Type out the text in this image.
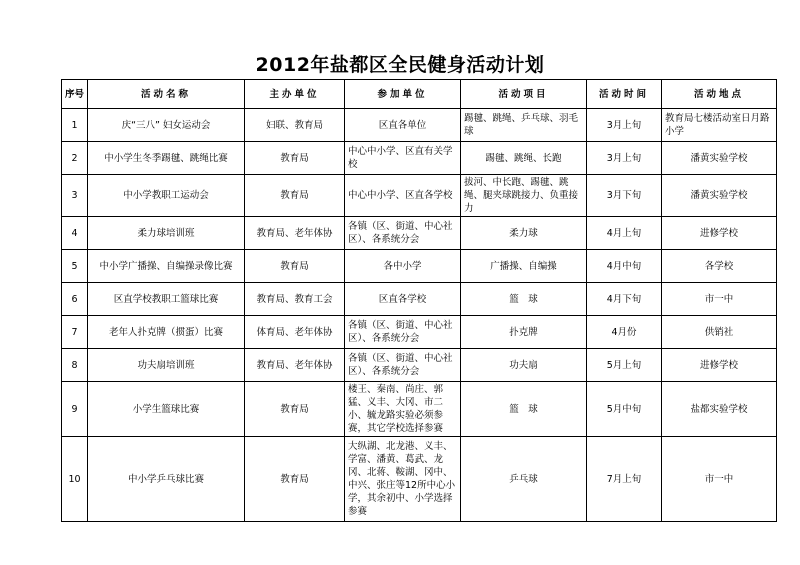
2012年盐都区全民健身活动计划
序号	活动名称	主办单位	参加单位	活动项目	活动时间	活动地点
1	庆“三八” 妇女运动会	妇联、教育局	区直各单位	踢毽、跳绳、乒乓球、羽毛球	3月上旬	教育局七楼活动室日月路小学
2	中小学生冬季踢毽、跳绳比赛	教育局	中心中小学、区直有关学校	踢毽、跳绳、长跑	3月上旬	潘黄实验学校
3	中小学教职工运动会	教育局	中心中小学、区直各学校	拔河、中长跑、踢毽、跳绳、腿夹球跳接力、负重接力	3月下旬	潘黄实验学校
4	柔力球培训班	教育局、老年体协	各镇（区、街道、中心社区）、各系统分会	柔力球	4月上旬	进修学校
5	中小学广播操、自编操录像比赛	教育局	各中小学	广播操、自编操	4月中旬	各学校
6	区直学校教职工篮球比赛	教育局、教育工会	区直各学校	篮　球	4月下旬	市一中
7	老年人扑克牌（掼蛋）比赛	体育局、老年体协	各镇（区、街道、中心社区）、各系统分会	扑克牌	4月份	供销社
8	功夫扇培训班	教育局、老年体协	各镇（区、街道、中心社区）、各系统分会	功夫扇	5月上旬	进修学校
9	小学生篮球比赛	教育局	楼王、秦南、尚庄、郭猛、义丰、大冈、市二小、毓龙路实验必须参赛，其它学校选择参赛	篮　球	5月中旬	盐都实验学校
10	中小学乒乓球比赛	教育局	大纵湖、北龙港、义丰、学富、潘黄、葛武、龙冈、北蒋、鞍湖、冈中、中兴、张庄等12所中心小学，其余初中、小学选择参赛	乒乓球	7月上旬	市一中
